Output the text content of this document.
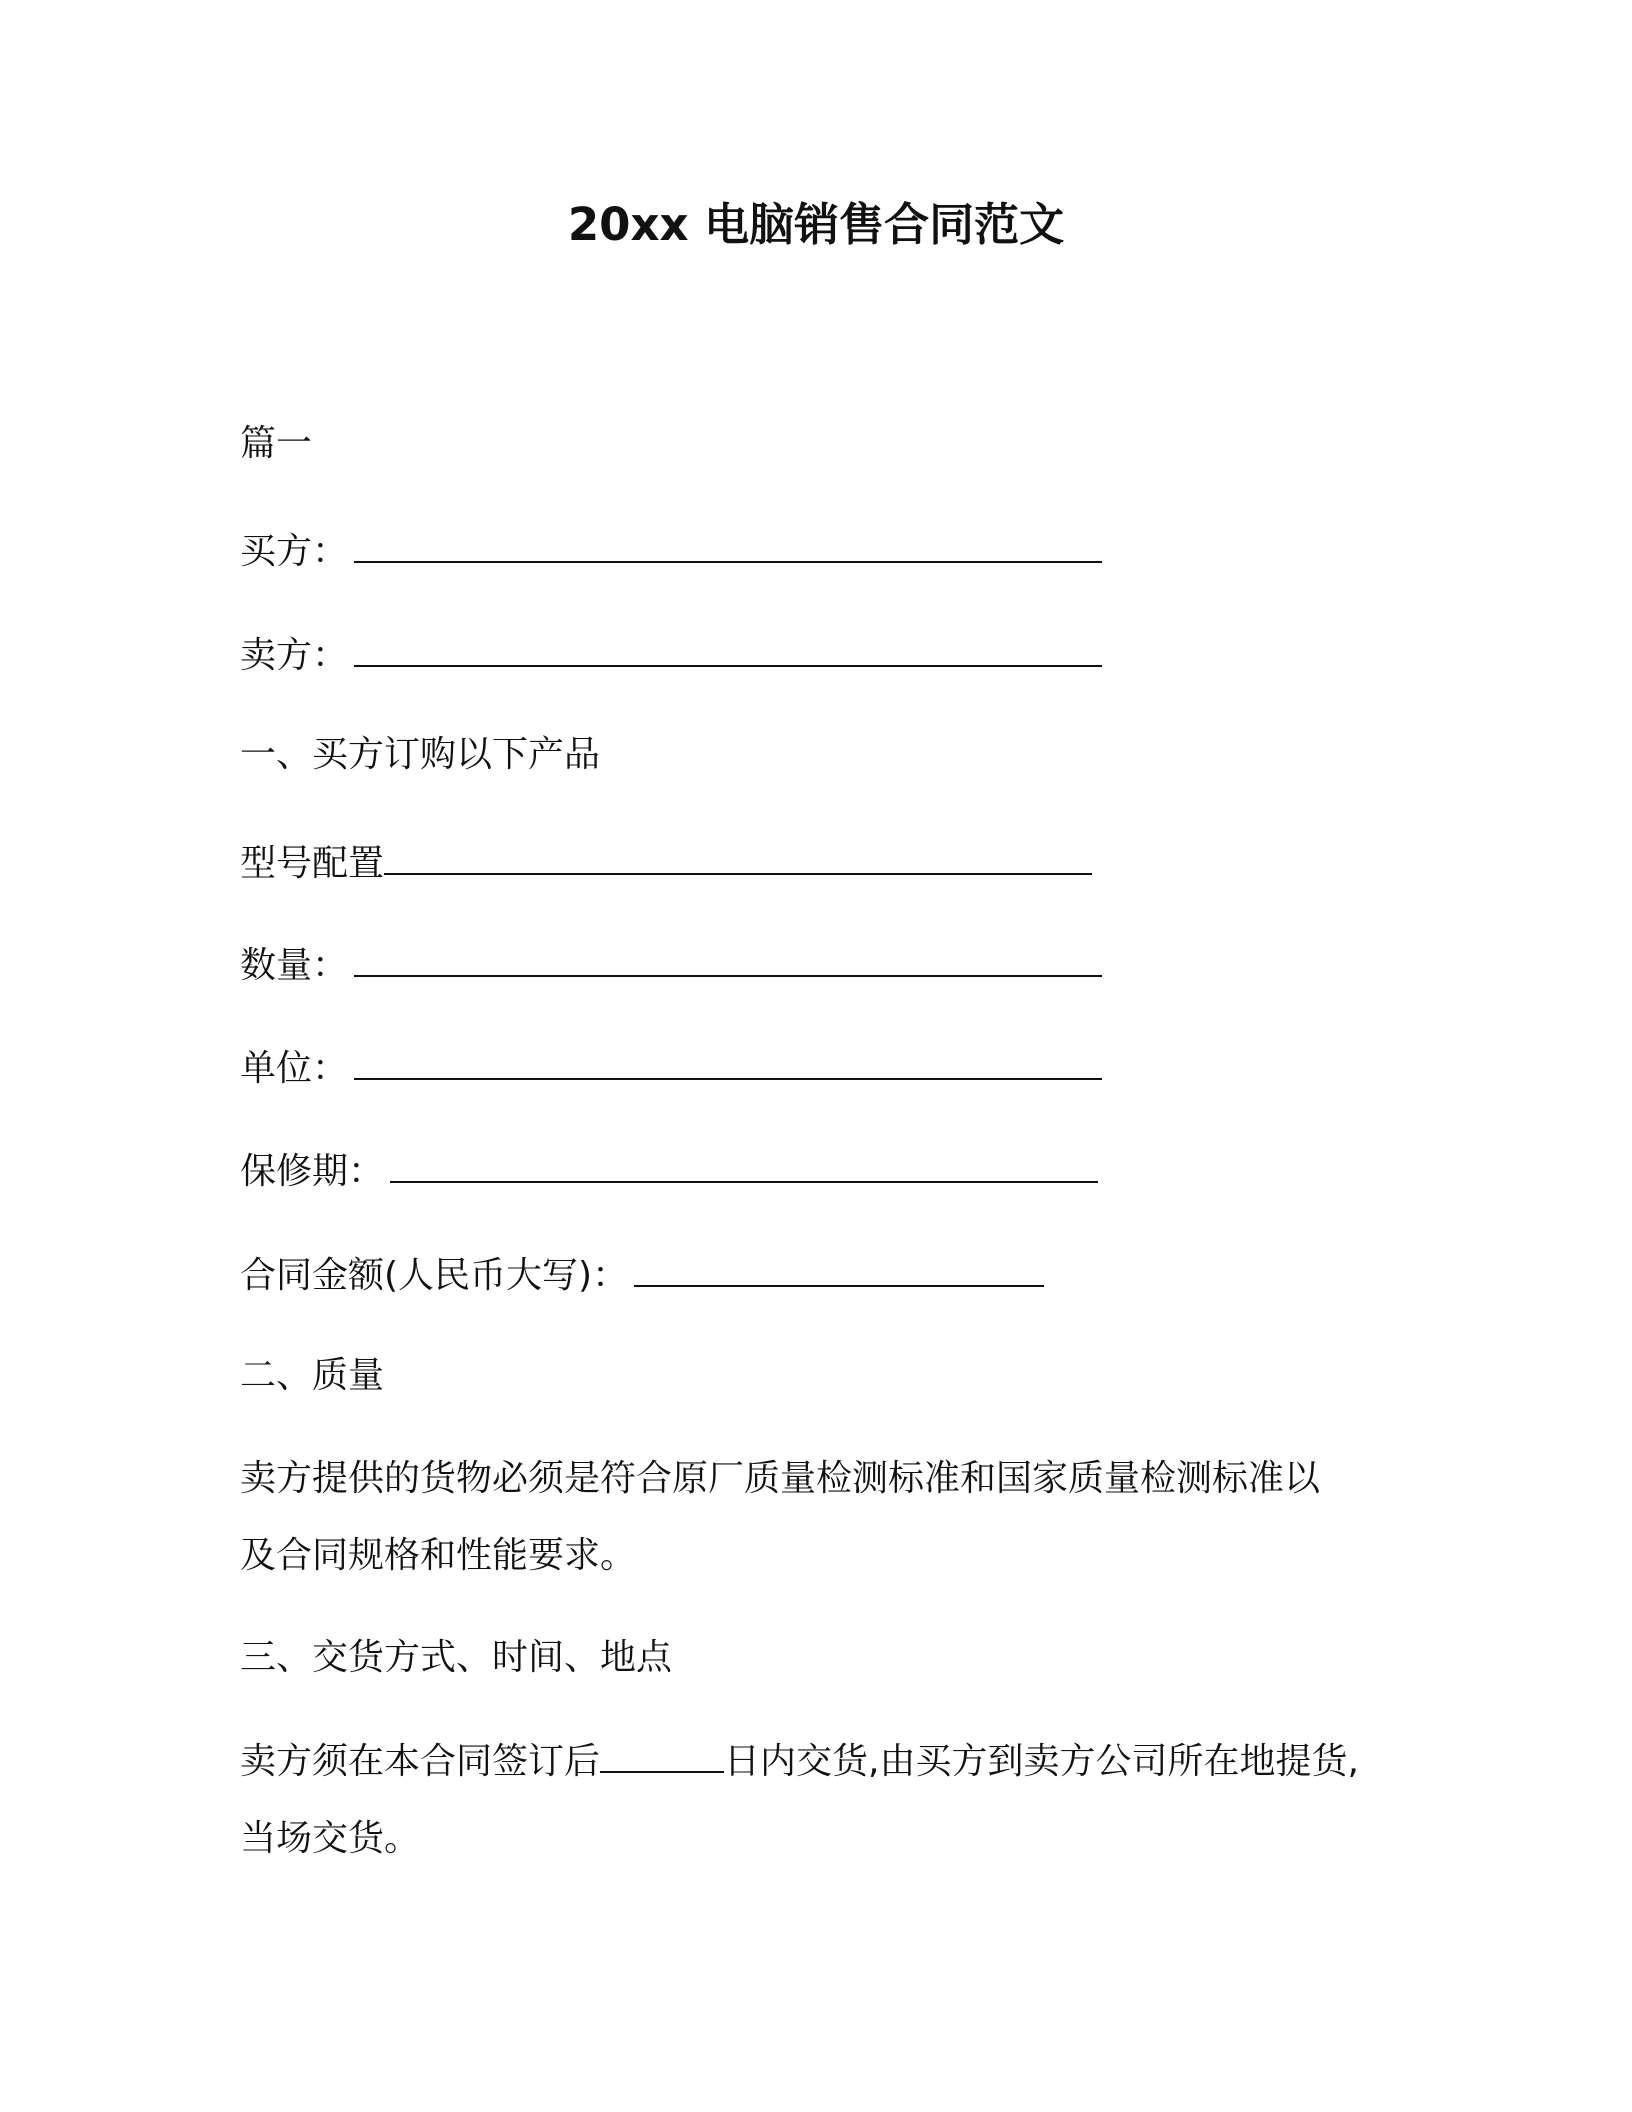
20xx 电脑销售合同范文
篇一
买方：
卖方：
一、买方订购以下产品
型号配置
数量：
单位：
保修期：
合同金额(人民币大写)：
二、质量
卖方提供的货物必须是符合原厂质量检测标准和国家质量检测标准以
及合同规格和性能要求。
三、交货方式、时间、地点
卖方须在本合同签订后	日内交货,由买方到卖方公司所在地提货,
当场交货。
